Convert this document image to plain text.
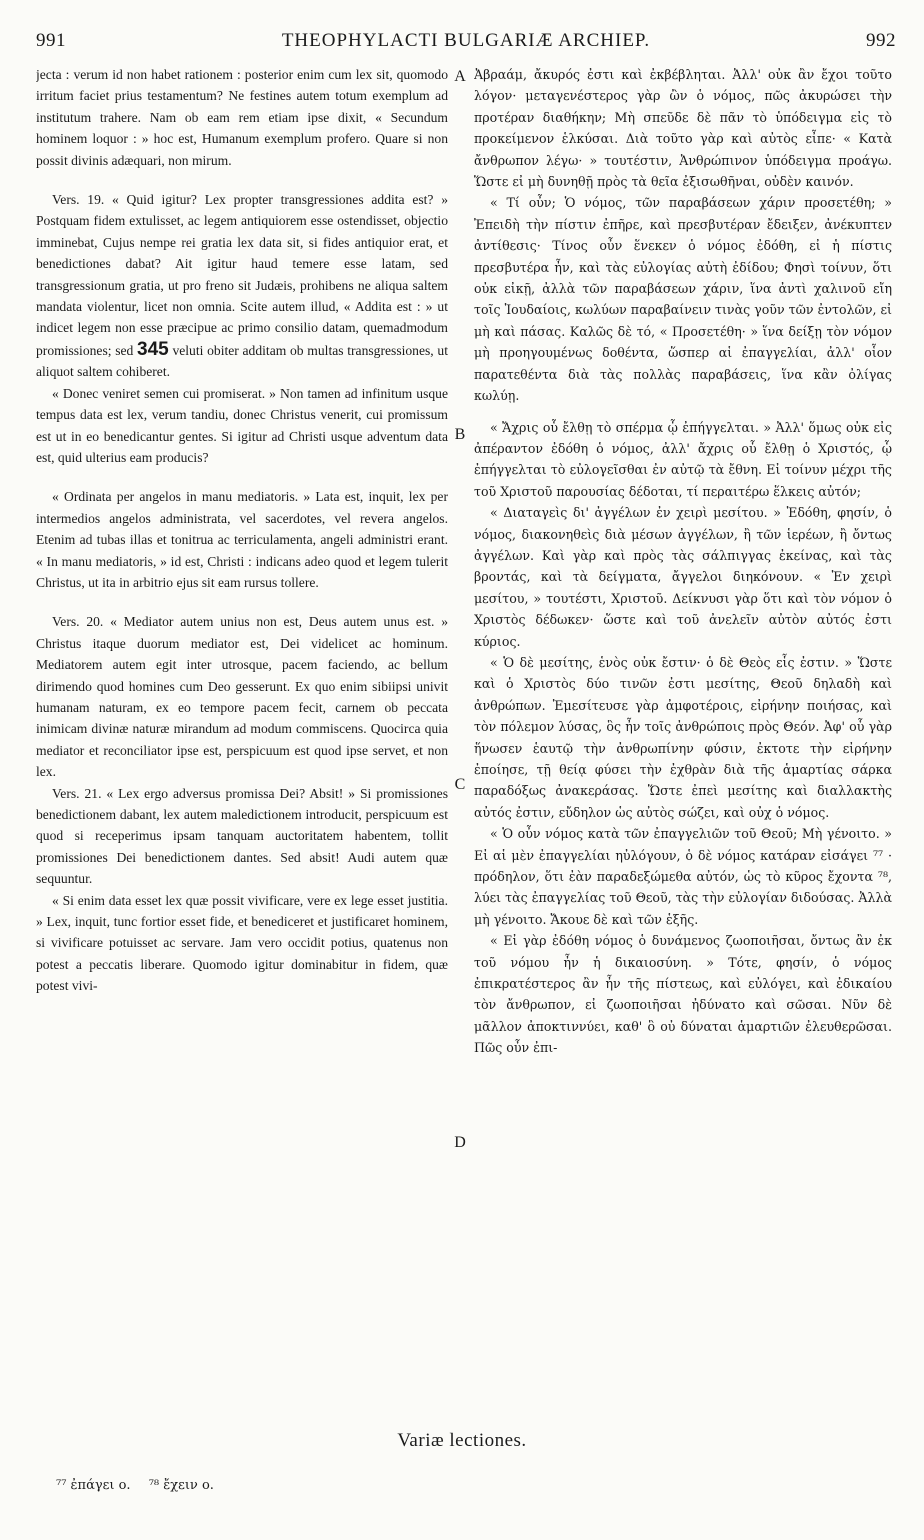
991	THEOPHYLACTI BULGARIÆ ARCHIEP.	992

jecta : verum id non habet rationem : posterior enim cum lex sit, quomodo irritum faciet prius testamentum? Ne festines autem totum exemplum ad institutum trahere. Nam ob eam rem etiam ipse dixit, « Secundum hominem loquor : » hoc est, Humanum exemplum profero. Quare si non possit divinis adæquari, non mirum.

Vers. 19. « Quid igitur? Lex propter transgressiones addita est? » Postquam fidem extulisset, ac legem antiquiorem esse ostendisset, objectio imminebat, Cujus nempe rei gratia lex data sit, si fides antiquior erat, et benedictiones dabat? Ait igitur haud temere esse latam, sed transgressionum gratia, ut pro freno sit Judæis, prohibens ne aliqua saltem mandata violentur, licet non omnia. Scite autem illud, « Addita est : » ut indicet legem non esse præcipue ac primo consilio datam, quemadmodum promissiones; sed 345 veluti obiter additam ob multas transgressiones, ut aliquot saltem cohiberet.

« Donec veniret semen cui promiserat. » Non tamen ad infinitum usque tempus data est lex, verum tandiu, donec Christus venerit, cui promissum est ut in eo benedicantur gentes. Si igitur ad Christi usque adventum data est, quid ulterius eam producis?

« Ordinata per angelos in manu mediatoris. » Lata est, inquit, lex per intermedios angelos administrata, vel sacerdotes, vel revera angelos. Etenim ad tubas illas et tonitrua ac terriculamenta, angeli administri erant. « In manu mediatoris, » id est, Christi : indicans adeo quod et legem tulerit Christus, ut ita in arbitrio ejus sit eam rursus tollere.

Vers. 20. « Mediator autem unius non est, Deus autem unus est. » Christus itaque duorum mediator est, Dei videlicet ac hominum. Mediatorem autem egit inter utrosque, pacem faciendo, ac bellum dirimendo quod homines cum Deo gesserunt. Ex quo enim sibiipsi univit humanam naturam, ex eo tempore pacem fecit, carnem ob peccata inimicam divinæ naturæ mirandum ad modum commiscens. Quocirca quia mediator et reconciliator ipse est, perspicuum est quod ipse servet, et non lex.

Vers. 21. « Lex ergo adversus promissa Dei? Absit! » Si promissiones benedictionem dabant, lex autem maledictionem introducit, perspicuum est quod si receperimus ipsam tanquam auctoritatem habentem, tollit promissiones Dei benedictionem dantes. Sed absit! Audi autem quæ sequuntur.

« Si enim data esset lex quæ possit vivificare, vere ex lege esset justitia. » Lex, inquit, tunc fortior esset fide, et benediceret et justificaret hominem, si vivificare potuisset ac servare. Jam vero occidit potius, quatenus non potest a peccatis liberare. Quomodo igitur dominabitur in fidem, quæ potest vivi-

A
B
C
D

Ἀβραάμ, ἄκυρός ἐστι καὶ ἐκβέβληται. Ἀλλ' οὐκ ἂν ἔχοι τοῦτο λόγον· μεταγενέστερος γὰρ ὢν ὁ νόμος, πῶς ἀκυρώσει τὴν προτέραν διαθήκην; Μὴ σπεῦδε δὲ πᾶν τὸ ὑπόδειγμα εἰς τὸ προκείμενον ἑλκύσαι. Διὰ τοῦτο γὰρ καὶ αὐτὸς εἶπε· « Κατὰ ἄνθρωπον λέγω· » τουτέστιν, Ἀνθρώπινον ὑπόδειγμα προάγω. Ὥστε εἰ μὴ δυνηθῇ πρὸς τὰ θεῖα ἐξισωθῆναι, οὐδὲν καινόν.

« Τί οὖν; Ὁ νόμος, τῶν παραβάσεων χάριν προσετέθη; » Ἐπειδὴ τὴν πίστιν ἐπῆρε, καὶ πρεσβυτέραν ἔδειξεν, ἀνέκυπτεν ἀντίθεσις· Τίνος οὖν ἕνεκεν ὁ νόμος ἐδόθη, εἰ ἡ πίστις πρεσβυτέρα ἦν, καὶ τὰς εὐλογίας αὐτὴ ἐδίδου; Φησὶ τοίνυν, ὅτι οὐκ εἰκῇ, ἀλλὰ τῶν παραβάσεων χάριν, ἵνα ἀντὶ χαλινοῦ εἴη τοῖς Ἰουδαίοις, κωλύων παραβαίνειν τινὰς γοῦν τῶν ἐντολῶν, εἰ μὴ καὶ πάσας. Καλῶς δὲ τό, « Προσετέθη· » ἵνα δείξῃ τὸν νόμον μὴ προηγουμένως δοθέντα, ὥσπερ αἱ ἐπαγγελίαι, ἀλλ' οἷον παρατεθέντα διὰ τὰς πολλὰς παραβάσεις, ἵνα κἂν ὀλίγας κωλύῃ.

« Ἄχρις οὗ ἔλθῃ τὸ σπέρμα ᾧ ἐπήγγελται. » Ἀλλ' ὅμως οὐκ εἰς ἀπέραντον ἐδόθη ὁ νόμος, ἀλλ' ἄχρις οὗ ἔλθῃ ὁ Χριστός, ᾧ ἐπήγγελται τὸ εὐλογεῖσθαι ἐν αὐτῷ τὰ ἔθνη. Εἰ τοίνυν μέχρι τῆς τοῦ Χριστοῦ παρουσίας δέδοται, τί περαιτέρω ἕλκεις αὐτόν;

« Διαταγεὶς δι' ἀγγέλων ἐν χειρὶ μεσίτου. » Ἐδόθη, φησίν, ὁ νόμος, διακονηθεὶς διὰ μέσων ἀγγέλων, ἢ τῶν ἱερέων, ἢ ὄντως ἀγγέλων. Καὶ γὰρ καὶ πρὸς τὰς σάλπιγγας ἐκείνας, καὶ τὰς βροντάς, καὶ τὰ δείγματα, ἄγγελοι διηκόνουν. « Ἐν χειρὶ μεσίτου, » τουτέστι, Χριστοῦ. Δείκνυσι γὰρ ὅτι καὶ τὸν νόμον ὁ Χριστὸς δέδωκεν· ὥστε καὶ τοῦ ἀνελεῖν αὐτὸν αὐτός ἐστι κύριος.

« Ὁ δὲ μεσίτης, ἑνὸς οὐκ ἔστιν· ὁ δὲ Θεὸς εἷς ἐστιν. » Ὥστε καὶ ὁ Χριστὸς δύο τινῶν ἐστι μεσίτης, Θεοῦ δηλαδὴ καὶ ἀνθρώπων. Ἐμεσίτευσε γὰρ ἀμφοτέροις, εἰρήνην ποιήσας, καὶ τὸν πόλεμον λύσας, ὃς ἦν τοῖς ἀνθρώποις πρὸς Θεόν. Ἀφ' οὗ γὰρ ἥνωσεν ἑαυτῷ τὴν ἀνθρωπίνην φύσιν, ἐκτοτε τὴν εἰρήνην ἐποίησε, τῇ θείᾳ φύσει τὴν ἐχθρὰν διὰ τῆς ἁμαρτίας σάρκα παραδόξως ἀνακεράσας. Ὥστε ἐπεὶ μεσίτης καὶ διαλλακτὴς αὐτός ἐστιν, εὔδηλον ὡς αὐτὸς σώζει, καὶ οὐχ ὁ νόμος.

« Ὁ οὖν νόμος κατὰ τῶν ἐπαγγελιῶν τοῦ Θεοῦ; Μὴ γένοιτο. » Εἰ αἱ μὲν ἐπαγγελίαι ηὐλόγουν, ὁ δὲ νόμος κατάραν εἰσάγει ⁷⁷ · πρόδηλον, ὅτι ἐὰν παραδεξώμεθα αὐτόν, ὡς τὸ κῦρος ἔχοντα ⁷⁸, λύει τὰς ἐπαγγελίας τοῦ Θεοῦ, τὰς τὴν εὐλογίαν διδούσας. Ἀλλὰ μὴ γένοιτο. Ἄκουε δὲ καὶ τῶν ἑξῆς.

« Εἰ γὰρ ἐδόθη νόμος ὁ δυνάμενος ζωοποιῆσαι, ὄντως ἂν ἐκ τοῦ νόμου ἦν ἡ δικαιοσύνη. » Τότε, φησίν, ὁ νόμος ἐπικρατέστερος ἂν ἦν τῆς πίστεως, καὶ εὐλόγει, καὶ ἐδικαίου τὸν ἄνθρωπον, εἰ ζωοποιῆσαι ἠδύνατο καὶ σῶσαι. Νῦν δὲ μᾶλλον ἀποκτιννύει, καθ' ὃ οὐ δύναται ἁμαρτιῶν ἐλευθερῶσαι. Πῶς οὖν ἐπι-

Variæ lectiones.
⁷⁷ ἐπάγει ο. ⁷⁸ ἔχειν ο.
